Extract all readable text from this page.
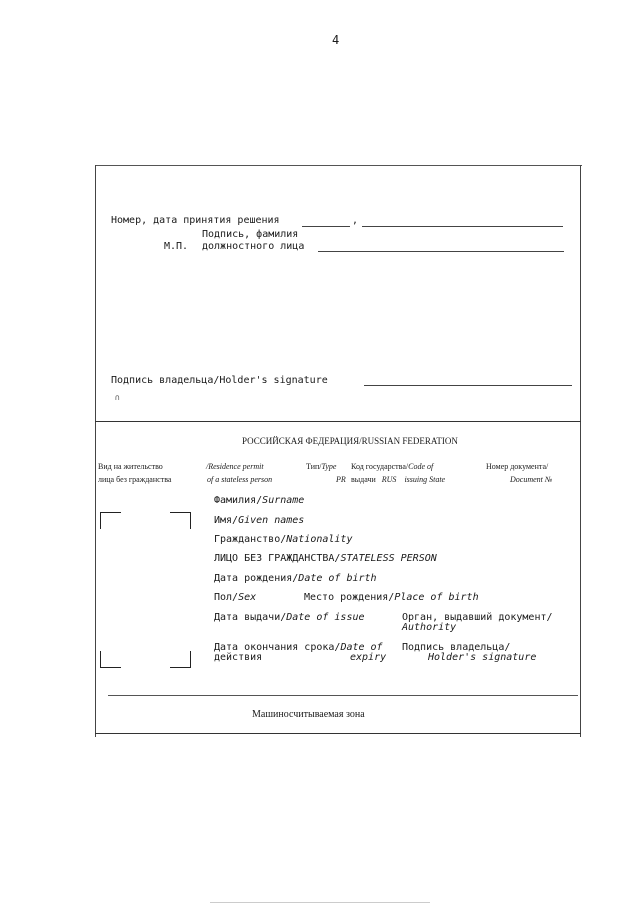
4
Номер, дата принятия решения	,
Подпись, фамилия
М.П. должностного лица
Подпись владельца/Holder's signature
∩
РОССИЙСКАЯ ФЕДЕРАЦИЯ/RUSSIAN FEDERATION
Вид на жительство	/Residence permit
лица без гражданства	of a stateless person
Тип/Type
PR
Код государства/Code of
выдачи RUS issuing State
Номер документа/
Document №
Фамилия/Surname
Имя/Given names
Гражданство/Nationality
ЛИЦО БЕЗ ГРАЖДАНСТВА/STATELESS PERSON
Дата рождения/Date of birth
Пол/Sex	Место рождения/Place of birth
Дата выдачи/Date of issue	Орган, выдавший документ/
Authority
Дата окончания срока/Date of Подпись владельца/
действия	expiry	Holder's signature
Машиносчитываемая зона
